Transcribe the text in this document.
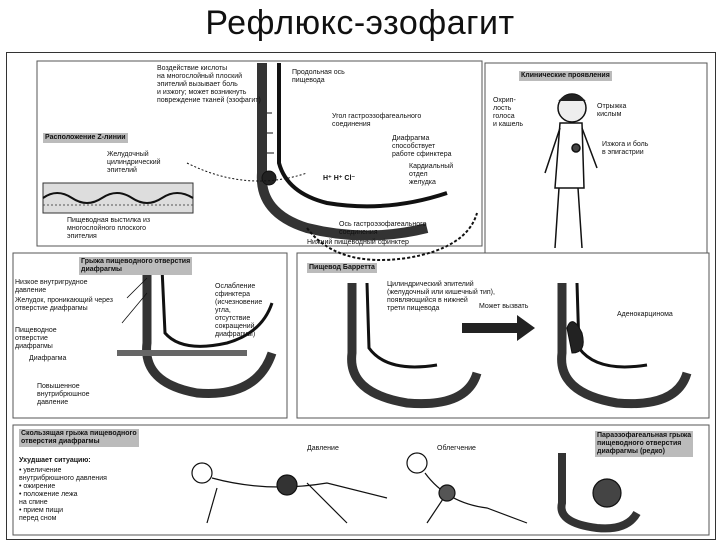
Рефлюкс-эзофагит
Воздействие кислоты
на многослойный плоский
эпителий вызывает боль
и изжогу; может возникнуть
повреждение тканей (эзофагит)
Расположение Z-линии
Желудочный
цилиндрический
эпителий
Пищеводная выстилка из
многослойного плоского
эпителия
Продольная ось
пищевода
Угол гастроэзофагеального
соединения
Диафрагма
способствует
работе сфинктера
Кардиальный
отдел
желудка
Ось гастроэзофагеального
соединения
Нижний пищеводный сфинктер
H⁺ H⁺ Cl⁻
Клинические проявления
Охрип-
лость
голоса
и кашель
Отрыжка
кислым
Изжога и боль
в эпигастрии
Грыжа пищеводного отверстия
диафрагмы
Низкое внутригрудное
давление
Желудок, проникающий через отверстие диафрагмы
Пищеводное
отверстие
диафрагмы
Диафрагма
Ослабление
сфинктера
(исчезновение
угла,
отсутствие
сокращений
диафрагмы)
Повышенное
внутрибрюшное
давление
Пищевод Барретта
Цилиндрический эпителий
(желудочный или кишечный тип),
появляющийся в нижней
трети пищевода	Может вызвать
Аденокарцинома
Скользящая грыжа пищеводного
отверстия диафрагмы
Ухудшает ситуацию:
• увеличение
внутрибрюшного давления
• ожирение
• положение лежа
на спине
• прием пищи
перед сном
Давление	Облегчение
Параэзофагеальная грыжа
пищеводного отверстия
диафрагмы (редко)
